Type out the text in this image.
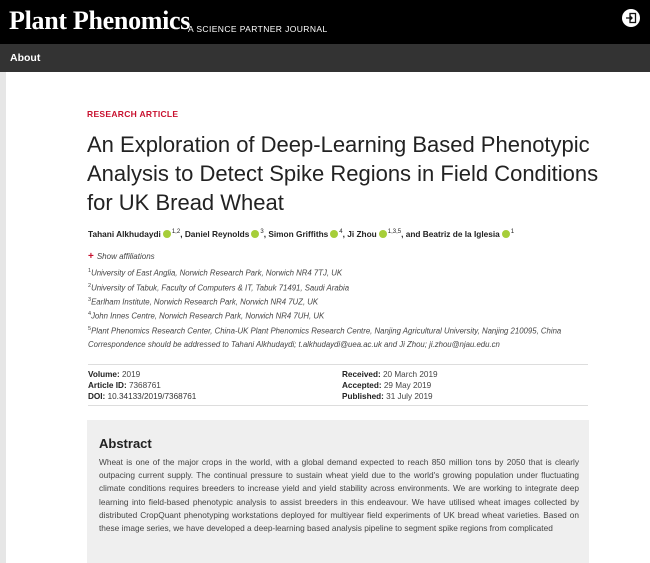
Plant Phenomics
A SCIENCE PARTNER JOURNAL
About
RESEARCH ARTICLE
An Exploration of Deep-Learning Based Phenotypic Analysis to Detect Spike Regions in Field Conditions for UK Bread Wheat
Tahani Alkhudaydi $^{1,2}$, Daniel Reynolds $^3$, Simon Griffiths $^4$, Ji Zhou $^{1,3,5}$, and Beatriz de la Iglesia $^1$
+ Show affiliations
$^1$University of East Anglia, Norwich Research Park, Norwich NR4 7TJ, UK
$^2$University of Tabuk, Faculty of Computers & IT, Tabuk 71491, Saudi Arabia
$^3$Earlham Institute, Norwich Research Park, Norwich NR4 7UZ, UK
$^4$John Innes Centre, Norwich Research Park, Norwich NR4 7UH, UK
$^5$Plant Phenomics Research Center, China-UK Plant Phenomics Research Centre, Nanjing Agricultural University, Nanjing 210095, China
Correspondence should be addressed to Tahani Alkhudaydi; t.alkhudaydi@uea.ac.uk and Ji Zhou; ji.zhou@njau.edu.cn
Volume: 2019
Article ID: 7368761
DOI: 10.34133/2019/7368761
Received: 20 March 2019
Accepted: 29 May 2019
Published: 31 July 2019
Abstract
Wheat is one of the major crops in the world, with a global demand expected to reach 850 million tons by 2050 that is clearly outpacing current supply. The continual pressure to sustain wheat yield due to the world's growing population under fluctuating climate conditions requires breeders to increase yield and yield stability across environments. We are working to integrate deep learning into field-based phenotypic analysis to assist breeders in this endeavour. We have utilised wheat images collected by distributed CropQuant phenotyping workstations deployed for multiyear field experiments of UK bread wheat varieties. Based on these image series, we have developed a deep-learning based analysis pipeline to segment spike regions from complicated
